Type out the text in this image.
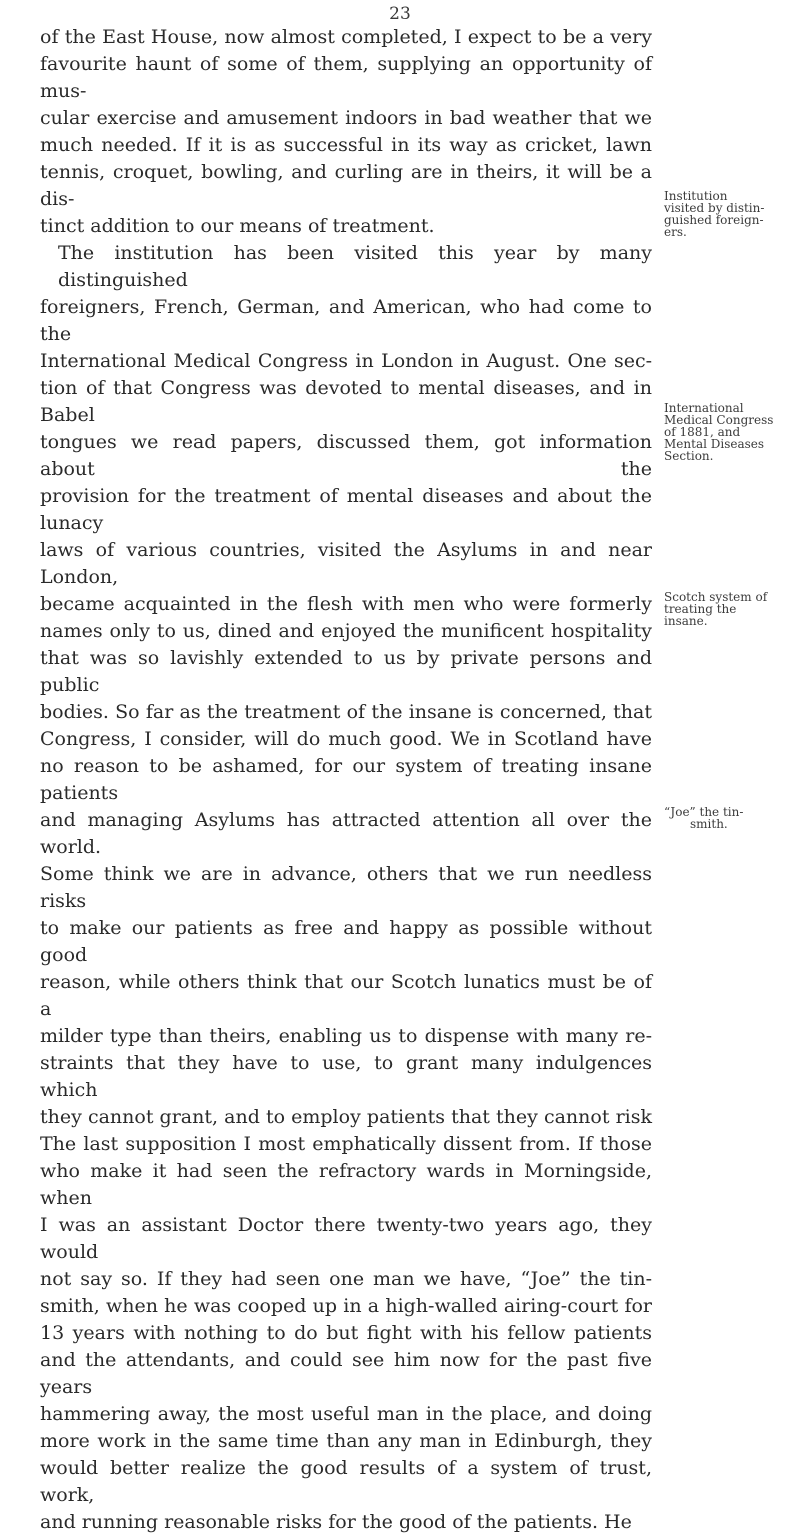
23

of the East House, now almost completed, I expect to be a very

favourite haunt of some of them, supplying an opportunity of mus-

cular exercise and amusement indoors in bad weather that we

much needed. If it is as successful in its way as cricket, lawn

tennis, croquet, bowling, and curling are in theirs, it will be a dis-

tinct addition to our means of treatment.

The institution has been visited this year by many distinguished

foreigners, French, German, and American, who had come to the

International Medical Congress in London in August. One sec-

tion of that Congress was devoted to mental diseases, and in Babel

tongues we read papers, discussed them, got information about the

provision for the treatment of mental diseases and about the lunacy

laws of various countries, visited the Asylums in and near London,

became acquainted in the flesh with men who were formerly

names only to us, dined and enjoyed the munificent hospitality

that was so lavishly extended to us by private persons and public

bodies. So far as the treatment of the insane is concerned, that

Congress, I consider, will do much good. We in Scotland have

no reason to be ashamed, for our system of treating insane patients

and managing Asylums has attracted attention all over the world.

Some think we are in advance, others that we run needless risks

to make our patients as free and happy as possible without good

reason, while others think that our Scotch lunatics must be of a

milder type than theirs, enabling us to dispense with many re-

straints that they have to use, to grant many indulgences which

they cannot grant, and to employ patients that they cannot risk

The last supposition I most emphatically dissent from. If those

who make it had seen the refractory wards in Morningside, when

I was an assistant Doctor there twenty-two years ago, they would

not say so. If they had seen one man we have, “Joe” the tin-

smith, when he was cooped up in a high-walled airing-court for

13 years with nothing to do but fight with his fellow patients

and the attendants, and could see him now for the past five years

hammering away, the most useful man in the place, and doing

more work in the same time than any man in Edinburgh, they

would better realize the good results of a system of trust, work,

and running reasonable risks for the good of the patients. He

Institution
visited by distin-
guished foreign-
ers.
International
Medical Congress
of 1881, and
Mental Diseases
Section.
Scotch system of
treating the
insane.
“Joe” the tin-
smith.
